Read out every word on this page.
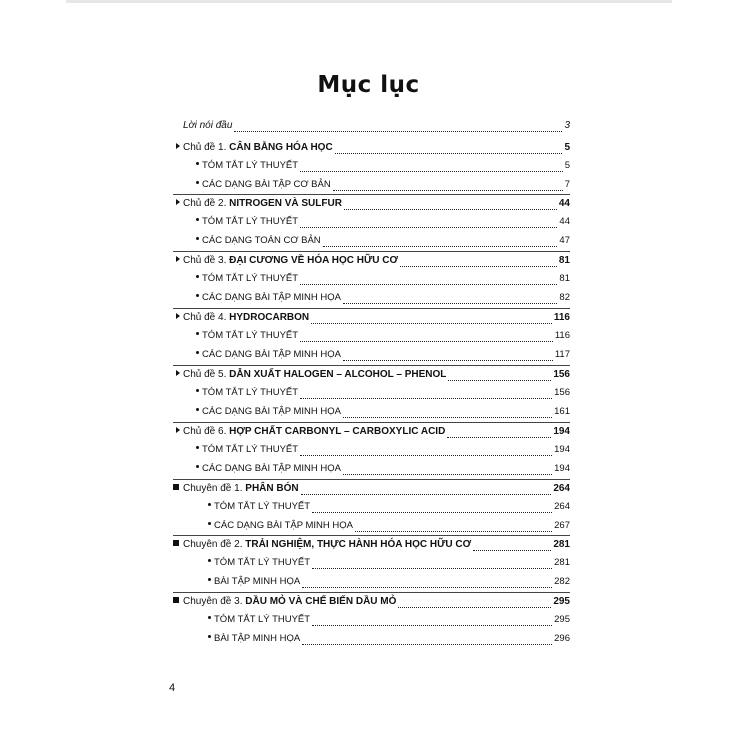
Mục lục
Lời nói đầu	3
Chủ đề 1. CÂN BẰNG HÓA HỌC	5
TÓM TẮT LÝ THUYẾT	5
CÁC DẠNG BÀI TẬP CƠ BẢN	7
Chủ đề 2. NITROGEN VÀ SULFUR	44
TÓM TẮT LÝ THUYẾT	44
CÁC DẠNG TOÁN CƠ BẢN	47
Chủ đề 3. ĐẠI CƯƠNG VỀ HÓA HỌC HỮU CƠ	81
TÓM TẮT LÝ THUYẾT	81
CÁC DẠNG BÀI TẬP MINH HỌA	82
Chủ đề 4. HYDROCARBON	116
TÓM TẮT LÝ THUYẾT	116
CÁC DẠNG BÀI TẬP MINH HỌA	117
Chủ đề 5. DẪN XUẤT HALOGEN – ALCOHOL – PHENOL	156
TÓM TẮT LÝ THUYẾT	156
CÁC DẠNG BÀI TẬP MINH HỌA	161
Chủ đề 6. HỢP CHẤT CARBONYL – CARBOXYLIC ACID	194
TÓM TẮT LÝ THUYẾT	194
CÁC DẠNG BÀI TẬP MINH HỌA	194
Chuyên đề 1. PHÂN BÓN	264
TÓM TẮT LÝ THUYẾT	264
CÁC DẠNG BÀI TẬP MINH HỌA	267
Chuyên đề 2. TRẢI NGHIỆM, THỰC HÀNH HÓA HỌC HỮU CƠ	281
TÓM TẮT LÝ THUYẾT	281
BÀI TẬP MINH HỌA	282
Chuyên đề 3. DẦU MỎ VÀ CHẾ BIẾN DẦU MỎ	295
TÓM TẮT LÝ THUYẾT	295
BÀI TẬP MINH HỌA	296
4
